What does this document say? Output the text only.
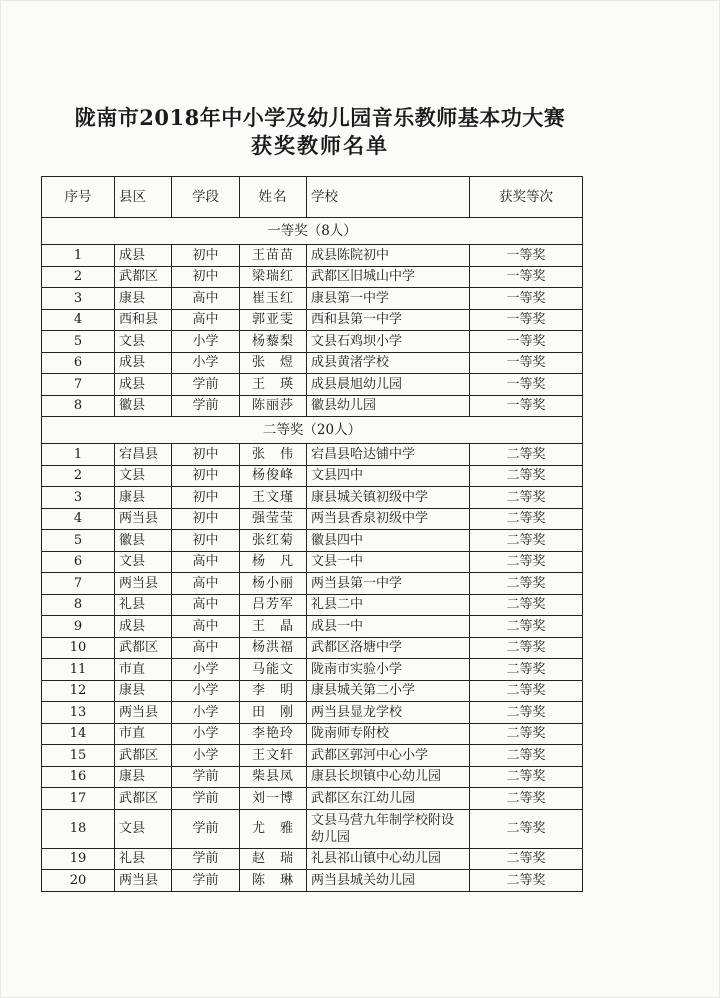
陇南市2018年中小学及幼儿园音乐教师基本功大赛
获奖教师名单
序号	县区	学段	姓名	学校	获奖等次
一等奖（8人）					
1	成县	初中	王苗苗	成县陈院初中	一等奖
2	武都区	初中	梁瑞红	武都区旧城山中学	一等奖
3	康县	高中	崔玉红	康县第一中学	一等奖
4	西和县	高中	郭亚雯	西和县第一中学	一等奖
5	文县	小学	杨藜梨	文县石鸡坝小学	一等奖
6	成县	小学	张　煜	成县黄渚学校	一等奖
7	成县	学前	王　瑛	成县晨旭幼儿园	一等奖
8	徽县	学前	陈丽莎	徽县幼儿园	一等奖
二等奖（20人）					
1	宕昌县	初中	张　伟	宕昌县哈达铺中学	二等奖
2	文县	初中	杨俊峰	文县四中	二等奖
3	康县	初中	王文瑾	康县城关镇初级中学	二等奖
4	两当县	初中	强莹莹	两当县香泉初级中学	二等奖
5	徽县	初中	张红菊	徽县四中	二等奖
6	文县	高中	杨　凡	文县一中	二等奖
7	两当县	高中	杨小丽	两当县第一中学	二等奖
8	礼县	高中	吕芳军	礼县二中	二等奖
9	成县	高中	王　晶	成县一中	二等奖
10	武都区	高中	杨洪福	武都区洛塘中学	二等奖
11	市直	小学	马能文	陇南市实验小学	二等奖
12	康县	小学	李　明	康县城关第二小学	二等奖
13	两当县	小学	田　刚	两当县显龙学校	二等奖
14	市直	小学	李艳玲	陇南师专附校	二等奖
15	武都区	小学	王文轩	武都区郭河中心小学	二等奖
16	康县	学前	柴县凤	康县长坝镇中心幼儿园	二等奖
17	武都区	学前	刘一博	武都区东江幼儿园	二等奖
18	文县	学前	尤　雅	文县马营九年制学校附设幼儿园	二等奖
19	礼县	学前	赵　瑞	礼县祁山镇中心幼儿园	二等奖
20	两当县	学前	陈　琳	两当县城关幼儿园	二等奖
